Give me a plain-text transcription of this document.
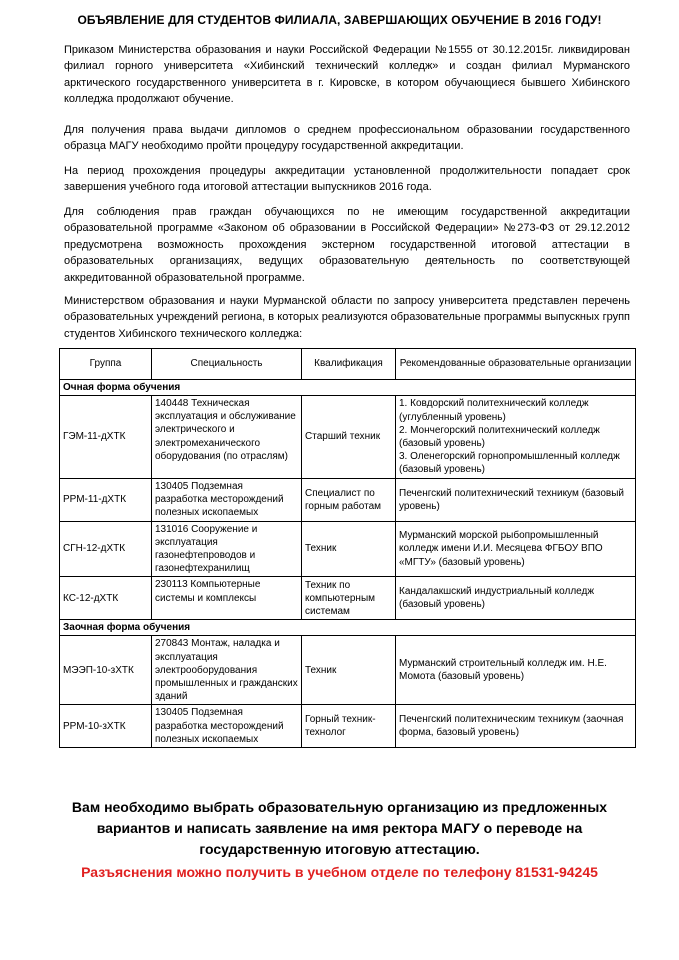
ОБЪЯВЛЕНИЕ ДЛЯ СТУДЕНТОВ ФИЛИАЛА, ЗАВЕРШАЮЩИХ ОБУЧЕНИЕ В 2016 ГОДУ!

Приказом Министерства образования и науки Российской Федерации №1555 от 30.12.2015г. ликвидирован филиал горного университета «Хибинский технический колледж» и создан филиал Мурманского арктического государственного университета в г. Кировске, в котором обучающиеся бывшего Хибинского колледжа продолжают обучение.

Для получения права выдачи дипломов о среднем профессиональном образовании государственного образца МАГУ необходимо пройти процедуру государственной аккредитации.

На период прохождения процедуры аккредитации установленной продолжительности попадает срок завершения учебного года итоговой аттестации выпускников 2016 года.

Для соблюдения прав граждан обучающихся по не имеющим государственной аккредитации образовательной программе «Законом об образовании в Российской Федерации» №273-ФЗ от 29.12.2012 предусмотрена возможность прохождения экстерном государственной итоговой аттестации в образовательных организациях, ведущих образовательную деятельность по соответствующей аккредитованной образовательной программе.

Министерством образования и науки Мурманской области по запросу университета представлен перечень образовательных учреждений региона, в которых реализуются образовательные программы выпускных групп студентов Хибинского технического колледжа:

Группа	Специальность	Квалификация	Рекомендованные образовательные организации
Очная форма обучения			
ГЭМ-11-дХТК	140448 Техническая эксплуатация и обслуживание электрического и электромеханического оборудования (по отраслям)	Старший техник	1. Ковдорский политехнический колледж (углубленный уровень)
2. Мончегорский политехнический колледж (базовый уровень)
3. Оленегорский горнопромышленный колледж (базовый уровень)
РРМ-11-дХТК	130405 Подземная разработка месторождений полезных ископаемых	Специалист по горным работам	Печенгский политехнический техникум (базовый уровень)
СГН-12-дХТК	131016 Сооружение и эксплуатация газонефтепроводов и газонефтехранилищ	Техник	Мурманский морской рыбопромышленный колледж имени И.И. Месяцева ФГБОУ ВПО «МГТУ» (базовый уровень)
КС-12-дХТК	230113 Компьютерные системы и комплексы	Техник по компьютерным системам	Кандалакшский индустриальный колледж (базовый уровень)
Заочная форма обучения			
МЭЭП-10-зХТК	270843 Монтаж, наладка и эксплуатация электрооборудования промышленных и гражданских зданий	Техник	Мурманский строительный колледж им. Н.Е. Момота (базовый уровень)
РРМ-10-зХТК	130405 Подземная разработка месторождений полезных ископаемых	Горный техник-технолог	Печенгский политехническим техникум (заочная форма, базовый уровень)
Вам необходимо выбрать образовательную организацию из предложенных вариантов и написать заявление на имя ректора МАГУ о переводе на государственную итоговую аттестацию.
Разъяснения можно получить в учебном отделе по телефону 81531-94245
